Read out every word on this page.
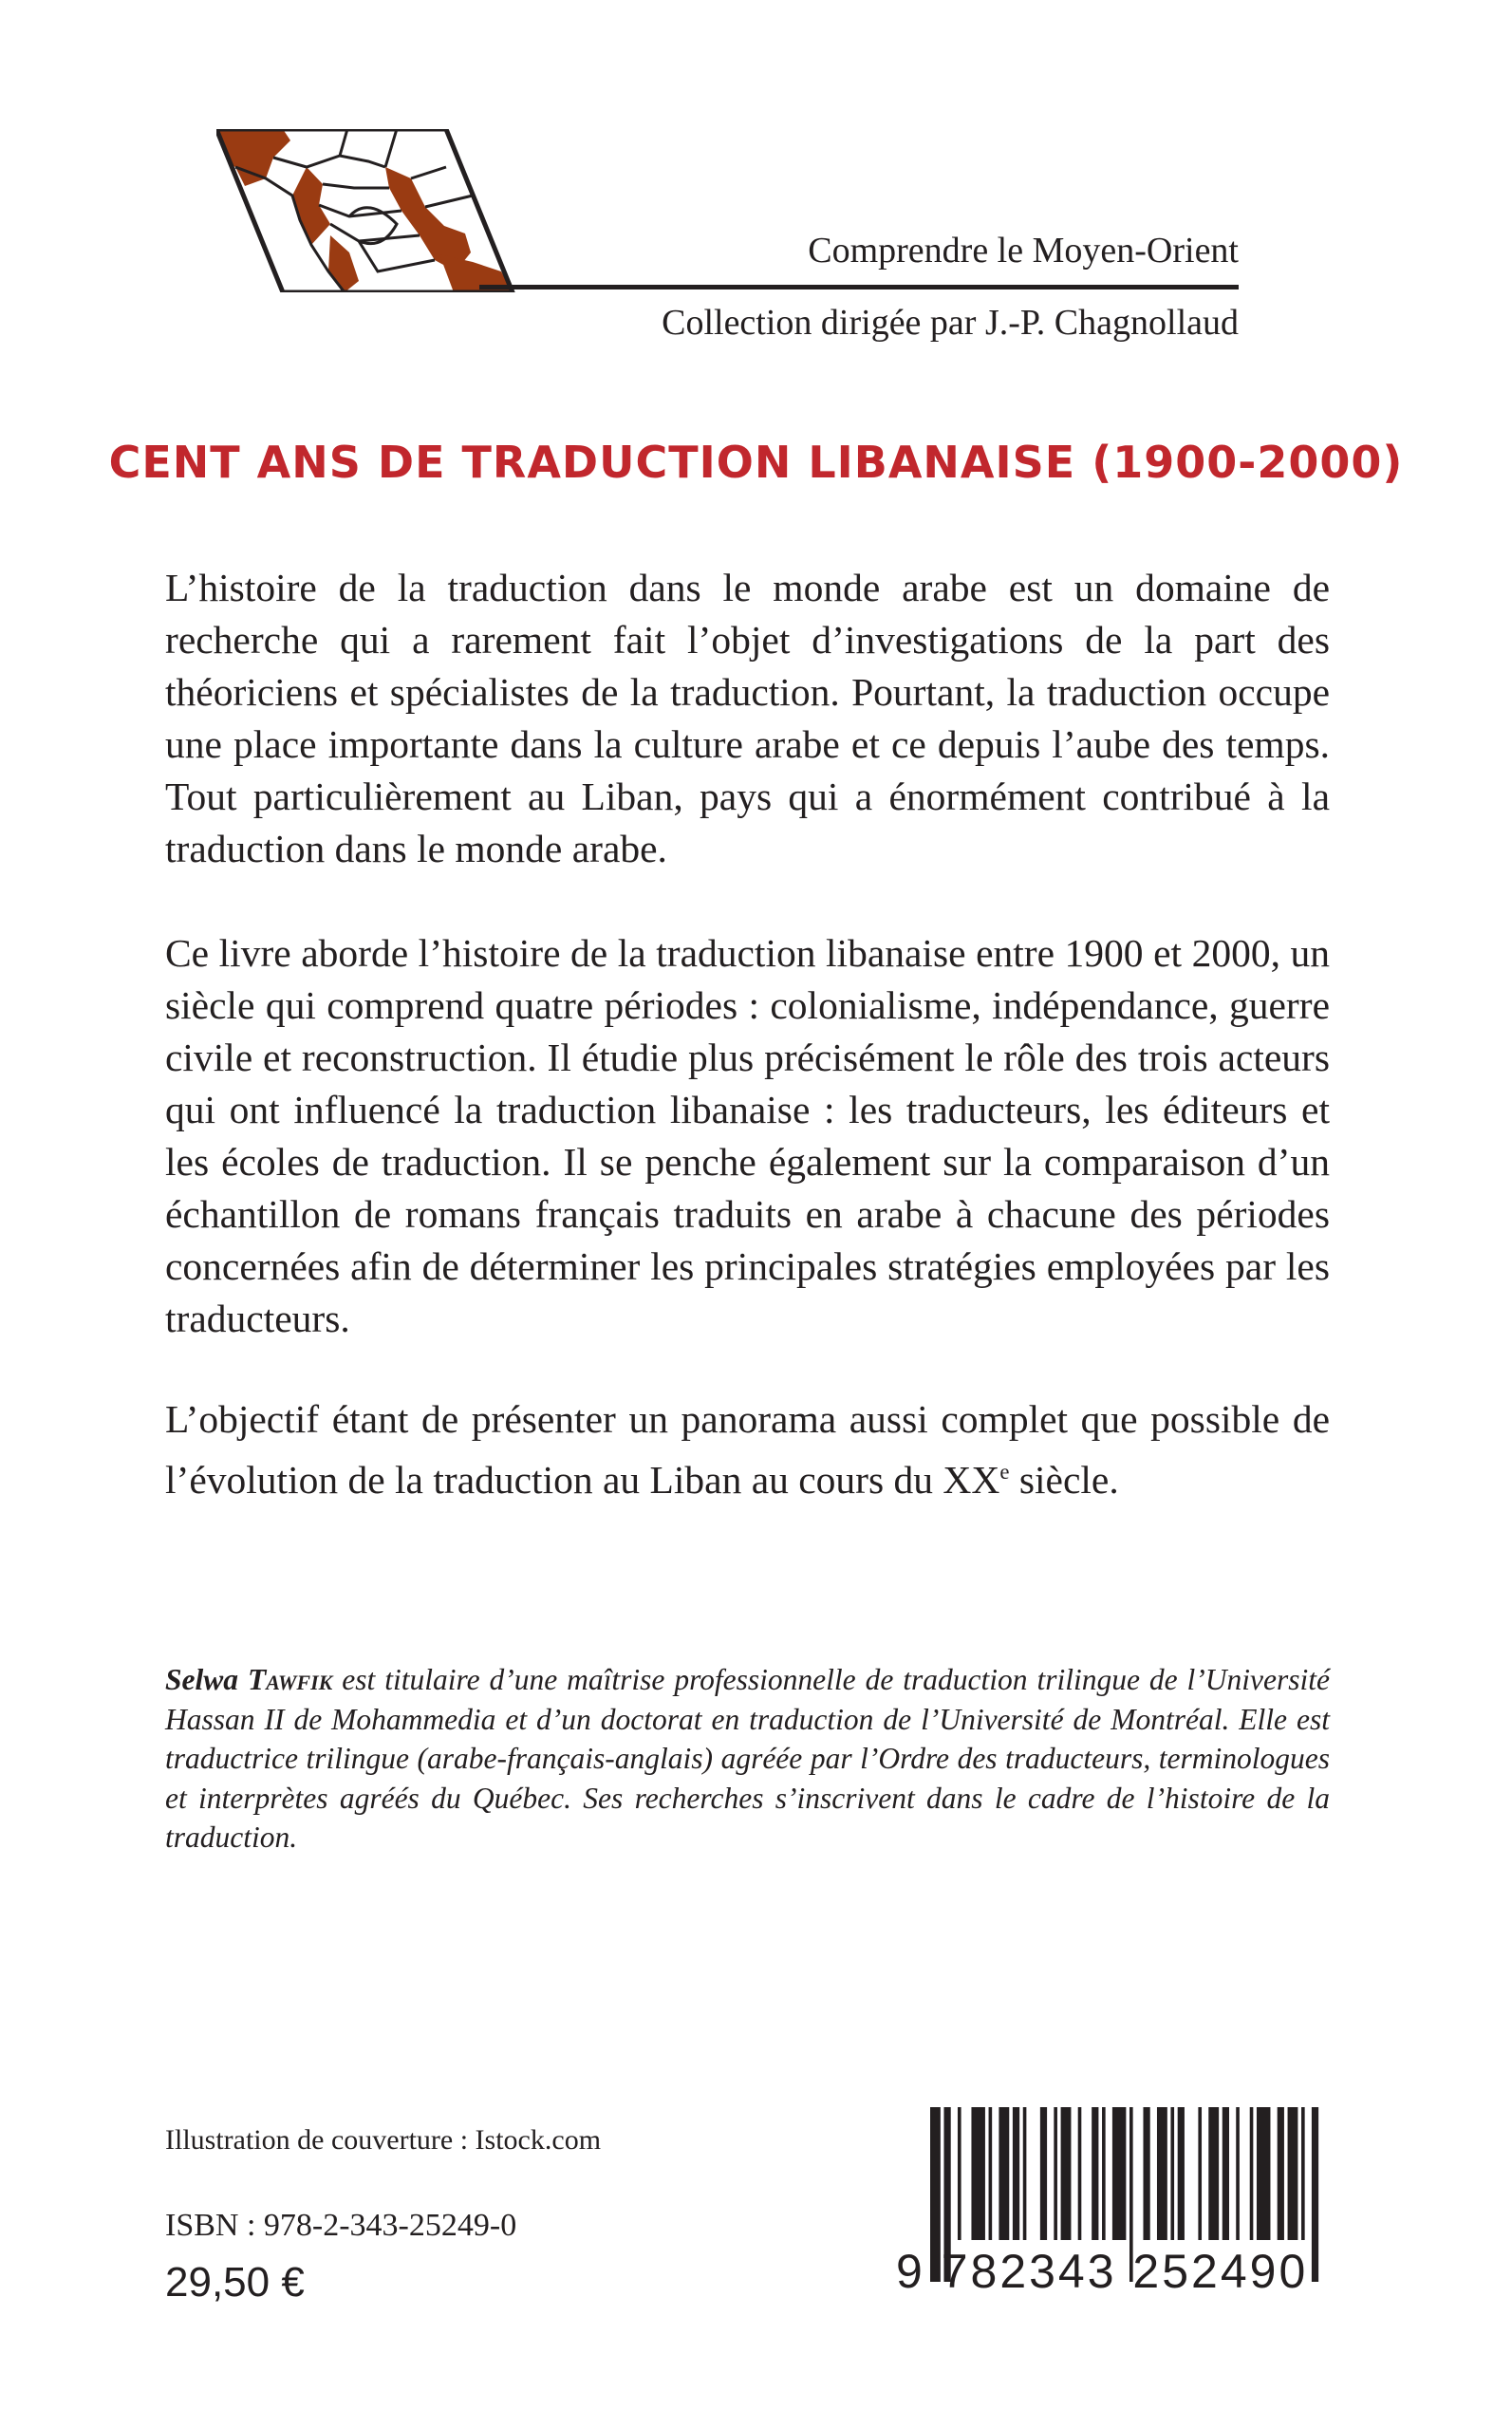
Comprendre le Moyen-Orient
Collection dirigée par J.-P. Chagnollaud
CENT ANS DE TRADUCTION LIBANAISE (1900-2000)

L’histoire de la traduction dans le monde arabe est un domaine de recherche qui a rarement fait l’objet d’investigations de la part des théoriciens et spécialistes de la traduction. Pourtant, la traduction occupe une place importante dans la culture arabe et ce depuis l’aube des temps. Tout particulièrement au Liban, pays qui a énormément contribué à la traduction dans le monde arabe.

Ce livre aborde l’histoire de la traduction libanaise entre 1900 et 2000, un siècle qui comprend quatre périodes : colonialisme, indépendance, guerre civile et reconstruction. Il étudie plus précisément le rôle des trois acteurs qui ont influencé la traduction libanaise : les traducteurs, les éditeurs et les écoles de traduction. Il se penche également sur la comparaison d’un échantillon de romans français traduits en arabe à chacune des périodes concernées afin de déterminer les principales stratégies employées par les traducteurs.

L’objectif étant de présenter un panorama aussi complet que possible de l’évolution de la traduction au Liban au cours du XXe siècle.

Selwa Tawfik est titulaire d’une maîtrise professionnelle de traduction trilingue de l’Université Hassan II de Mohammedia et d’un doctorat en traduction de l’Université de Montréal. Elle est traductrice trilingue (arabe-français-anglais) agréée par l’Ordre des traducteurs, terminologues et interprètes agréés du Québec. Ses recherches s’inscrivent dans le cadre de l’histoire de la traduction.

Illustration de couverture : Istock.com
ISBN : 978-2-343-25249-0
29,50 €	9 782343 252490
